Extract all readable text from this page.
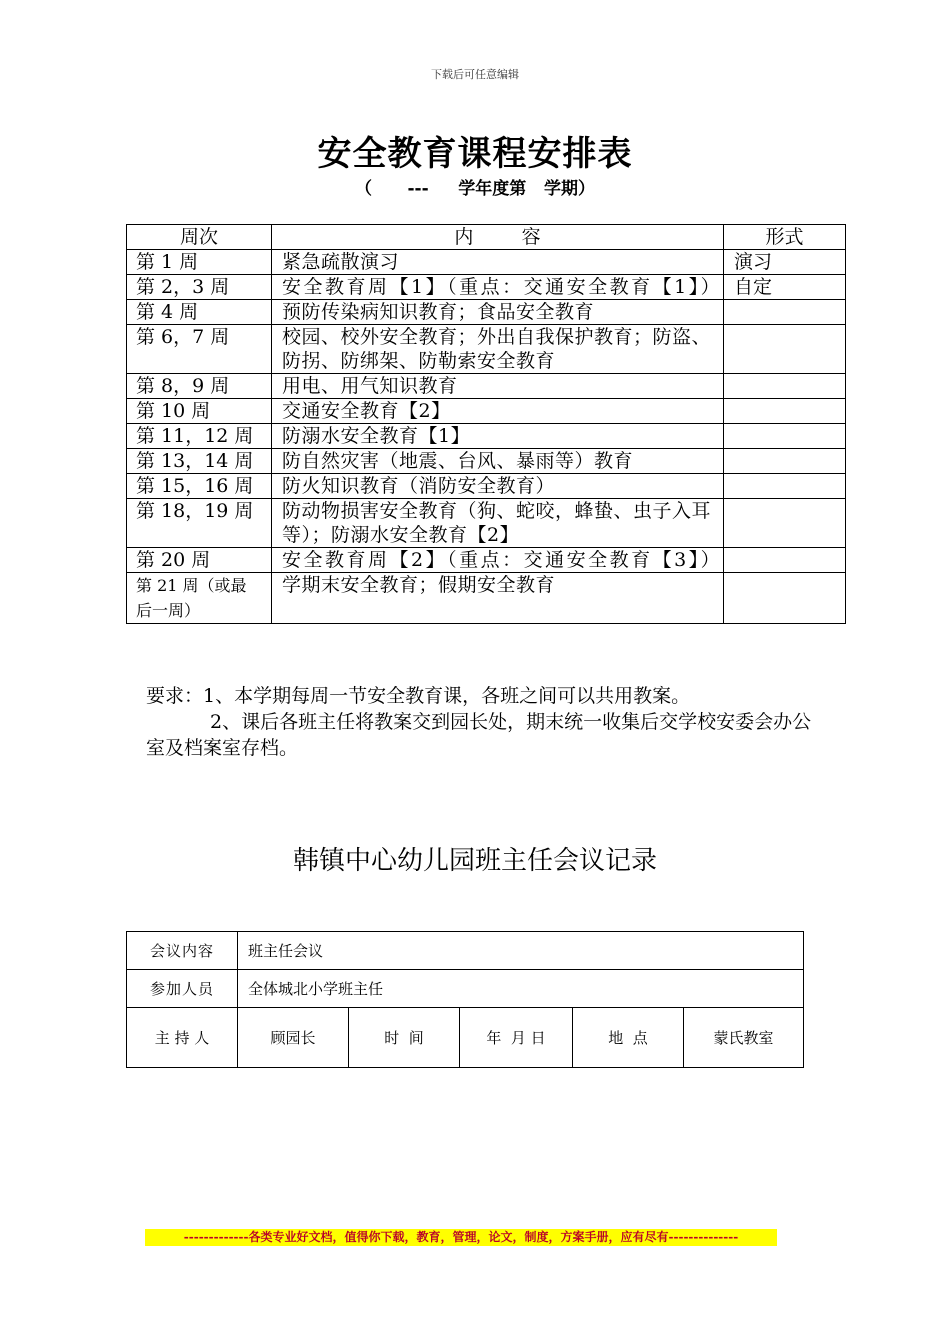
下载后可任意编辑
安全教育课程安排表
（      ---     学年度第   学期）
周次	内        容	形式
第 1 周	紧急疏散演习	演习
第 2，3 周	安全教育周【1】（重点：交通安全教育【1】）	自定
第 4 周	预防传染病知识教育；食品安全教育	
第 6，7 周	校园、校外安全教育；外出自我保护教育；防盗、防拐、防绑架、防勒索安全教育	
第 8，9 周	用电、用气知识教育	
第 10 周	交通安全教育【2】	
第 11，12 周	防溺水安全教育【1】	
第 13，14 周	防自然灾害（地震、台风、暴雨等）教育	
第 15，16 周	防火知识教育（消防安全教育）	
第 18，19 周	防动物损害安全教育（狗、蛇咬，蜂蛰、虫子入耳等）；防溺水安全教育【2】	
第 20 周	安全教育周【2】（重点：交通安全教育【3】）	
第 21 周（或最后一周）	学期末安全教育；假期安全教育	
要求：1、本学期每周一节安全教育课，各班之间可以共用教案。
2、课后各班主任将教案交到园长处，期末统一收集后交学校安委会办公室及档案室存档。
韩镇中心幼儿园班主任会议记录
会议内容	班主任会议				
参加人员	全体城北小学班主任				
主 持 人	顾园长	时  间	年  月 日	地  点	蒙氏教室
-------------各类专业好文档，值得你下载，教育，管理，论文，制度，方案手册，应有尽有--------------
